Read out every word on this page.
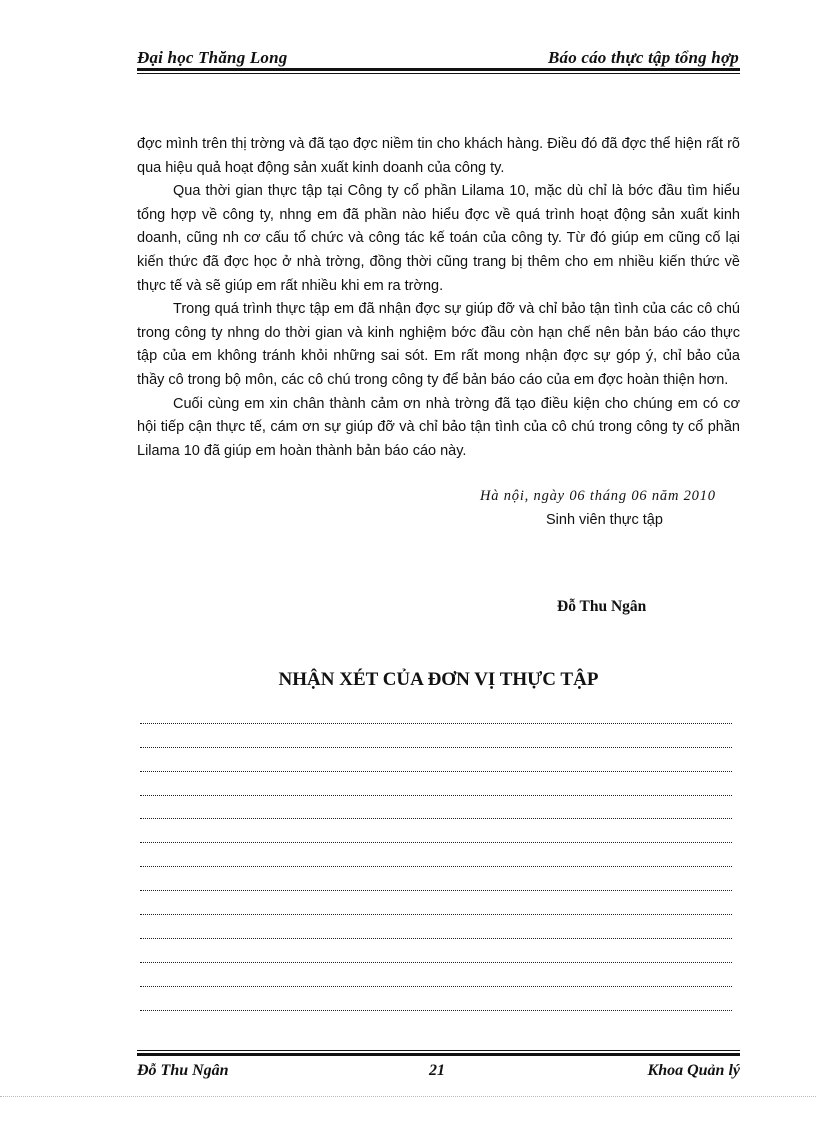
Đại học Thăng Long	Báo cáo thực tập tổng hợp

đợc mình trên thị trờng và đã tạo đợc niềm tin cho khách hàng. Điều đó đã đợc thể hiện rất rõ qua hiệu quả hoạt động sản xuất kinh doanh của công ty.

Qua thời gian thực tập tại Công ty cổ phần Lilama 10, mặc dù chỉ là bớc đầu tìm hiểu tổng hợp về công ty, nhng em đã phần nào hiểu đợc về quá trình hoạt động sản xuất kinh doanh, cũng nh cơ cấu tổ chức và công tác kế toán của công ty. Từ đó giúp em cũng cố lại kiến thức đã đợc học ở nhà trờng, đồng thời cũng trang bị thêm cho em nhiều kiến thức về thực tế và sẽ giúp em rất nhiều khi em ra trờng.

Trong quá trình thực tập em đã nhận đợc sự giúp đỡ và chỉ bảo tận tình của các cô chú trong công ty nhng do thời gian và kinh nghiệm bớc đầu còn hạn chế nên bản báo cáo thực tập của em không tránh khỏi những sai sót. Em rất mong nhận đợc sự góp ý, chỉ bảo của thầy cô trong bộ môn, các cô chú trong công ty để bản báo cáo của em đợc hoàn thiện hơn.

Cuối cùng em xin chân thành cảm ơn nhà trờng đã tạo điều kiện cho chúng em có cơ hội tiếp cận thực tế, cám ơn sự giúp đỡ và chỉ bảo tận tình của cô chú trong công ty cổ phần Lilama 10 đã giúp em hoàn thành bản báo cáo này.

Hà nội, ngày 06 tháng 06 năm 2010
Sinh viên thực tập
Đỗ Thu Ngân
NHẬN XÉT CỦA ĐƠN VỊ THỰC TẬP
Đỗ Thu Ngân	21	Khoa Quản lý
